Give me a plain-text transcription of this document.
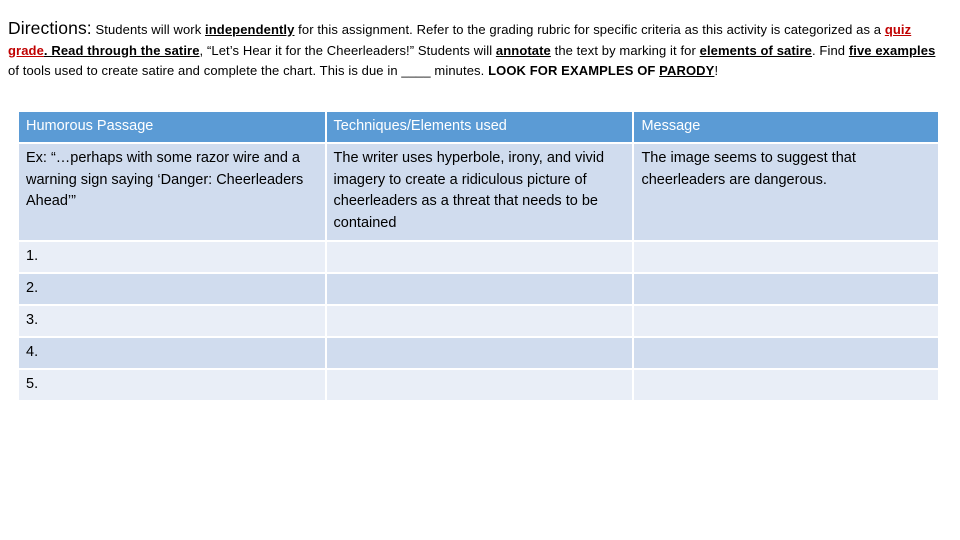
Directions: Students will work independently for this assignment. Refer to the grading rubric for specific criteria as this activity is categorized as a quiz grade. Read through the satire, “Let’s Hear it for the Cheerleaders!” Students will annotate the text by marking it for elements of satire. Find five examples of tools used to create satire and complete the chart. This is due in ____ minutes. LOOK FOR EXAMPLES OF PARODY!
Humorous Passage	Techniques/Elements used	Message
Ex: “…perhaps with some razor wire and a warning sign saying ‘Danger: Cheerleaders Ahead’”	The writer uses hyperbole, irony, and vivid imagery to create a ridiculous picture of cheerleaders as a threat that needs to be contained	The image seems to suggest that cheerleaders are dangerous.
1.		
2.		
3.		
4.		
5.		
